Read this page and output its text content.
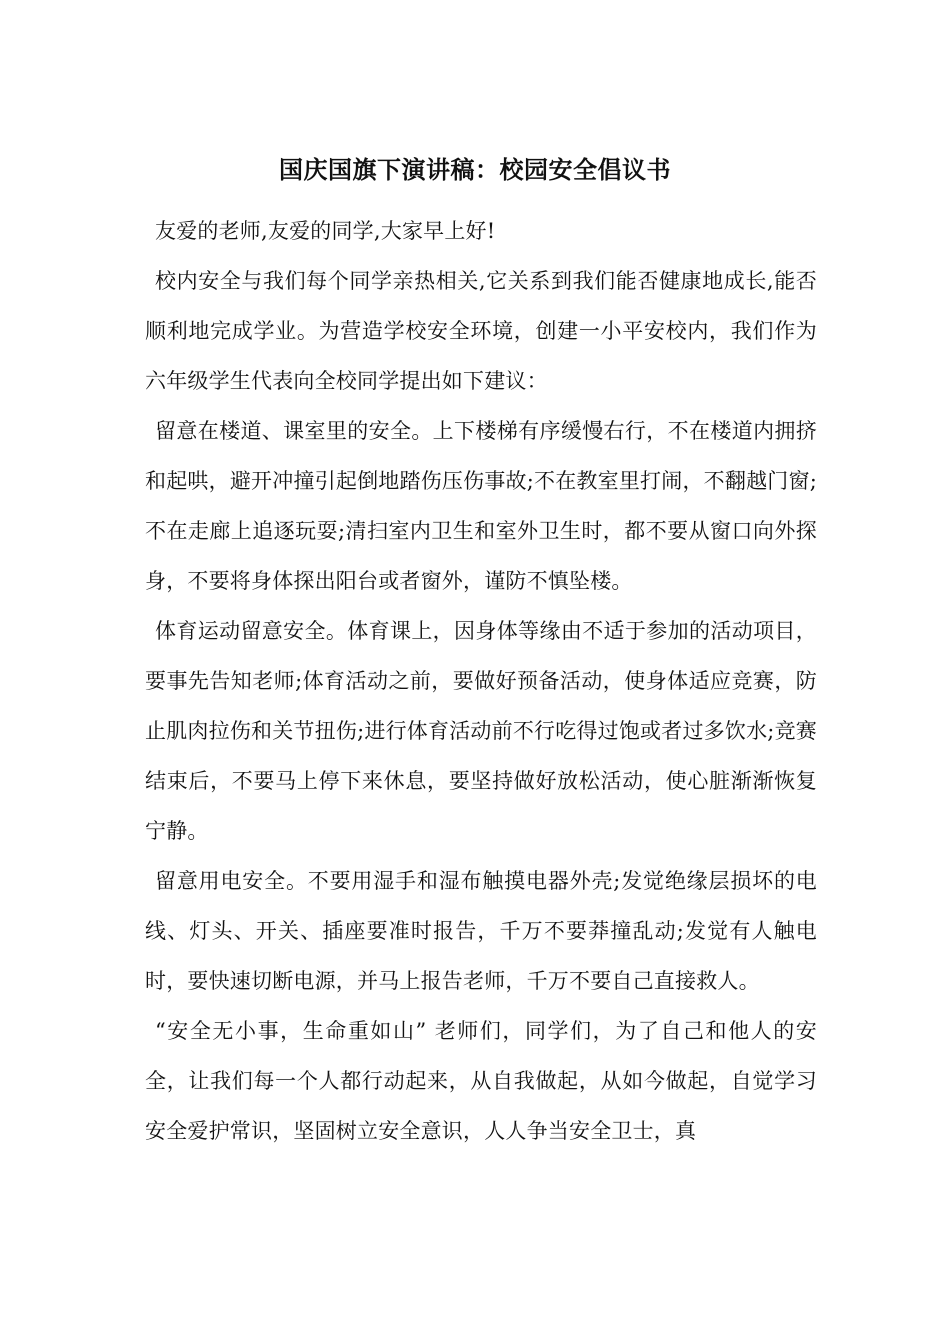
国庆国旗下演讲稿：校园安全倡议书

友爱的老师,友爱的同学,大家早上好!

校内安全与我们每个同学亲热相关,它关系到我们能否健康地成长,能否顺利地完成学业。为营造学校安全环境，创建一小平安校内，我们作为六年级学生代表向全校同学提出如下建议：

留意在楼道、课室里的安全。上下楼梯有序缓慢右行，不在楼道内拥挤和起哄，避开冲撞引起倒地踏伤压伤事故;不在教室里打闹，不翻越门窗;不在走廊上追逐玩耍;清扫室内卫生和室外卫生时，都不要从窗口向外探身，不要将身体探出阳台或者窗外，谨防不慎坠楼。

体育运动留意安全。体育课上，因身体等缘由不适于参加的活动项目，要事先告知老师;体育活动之前，要做好预备活动，使身体适应竞赛，防止肌肉拉伤和关节扭伤;进行体育活动前不行吃得过饱或者过多饮水;竞赛结束后，不要马上停下来休息，要坚持做好放松活动，使心脏渐渐恢复宁静。

留意用电安全。不要用湿手和湿布触摸电器外壳;发觉绝缘层损坏的电线、灯头、开关、插座要准时报告，千万不要莽撞乱动;发觉有人触电时，要快速切断电源，并马上报告老师，千万不要自己直接救人。

“安全无小事，生命重如山” 老师们，同学们，为了自己和他人的安全，让我们每一个人都行动起来，从自我做起，从如今做起，自觉学习安全爱护常识，坚固树立安全意识，人人争当安全卫士，真
